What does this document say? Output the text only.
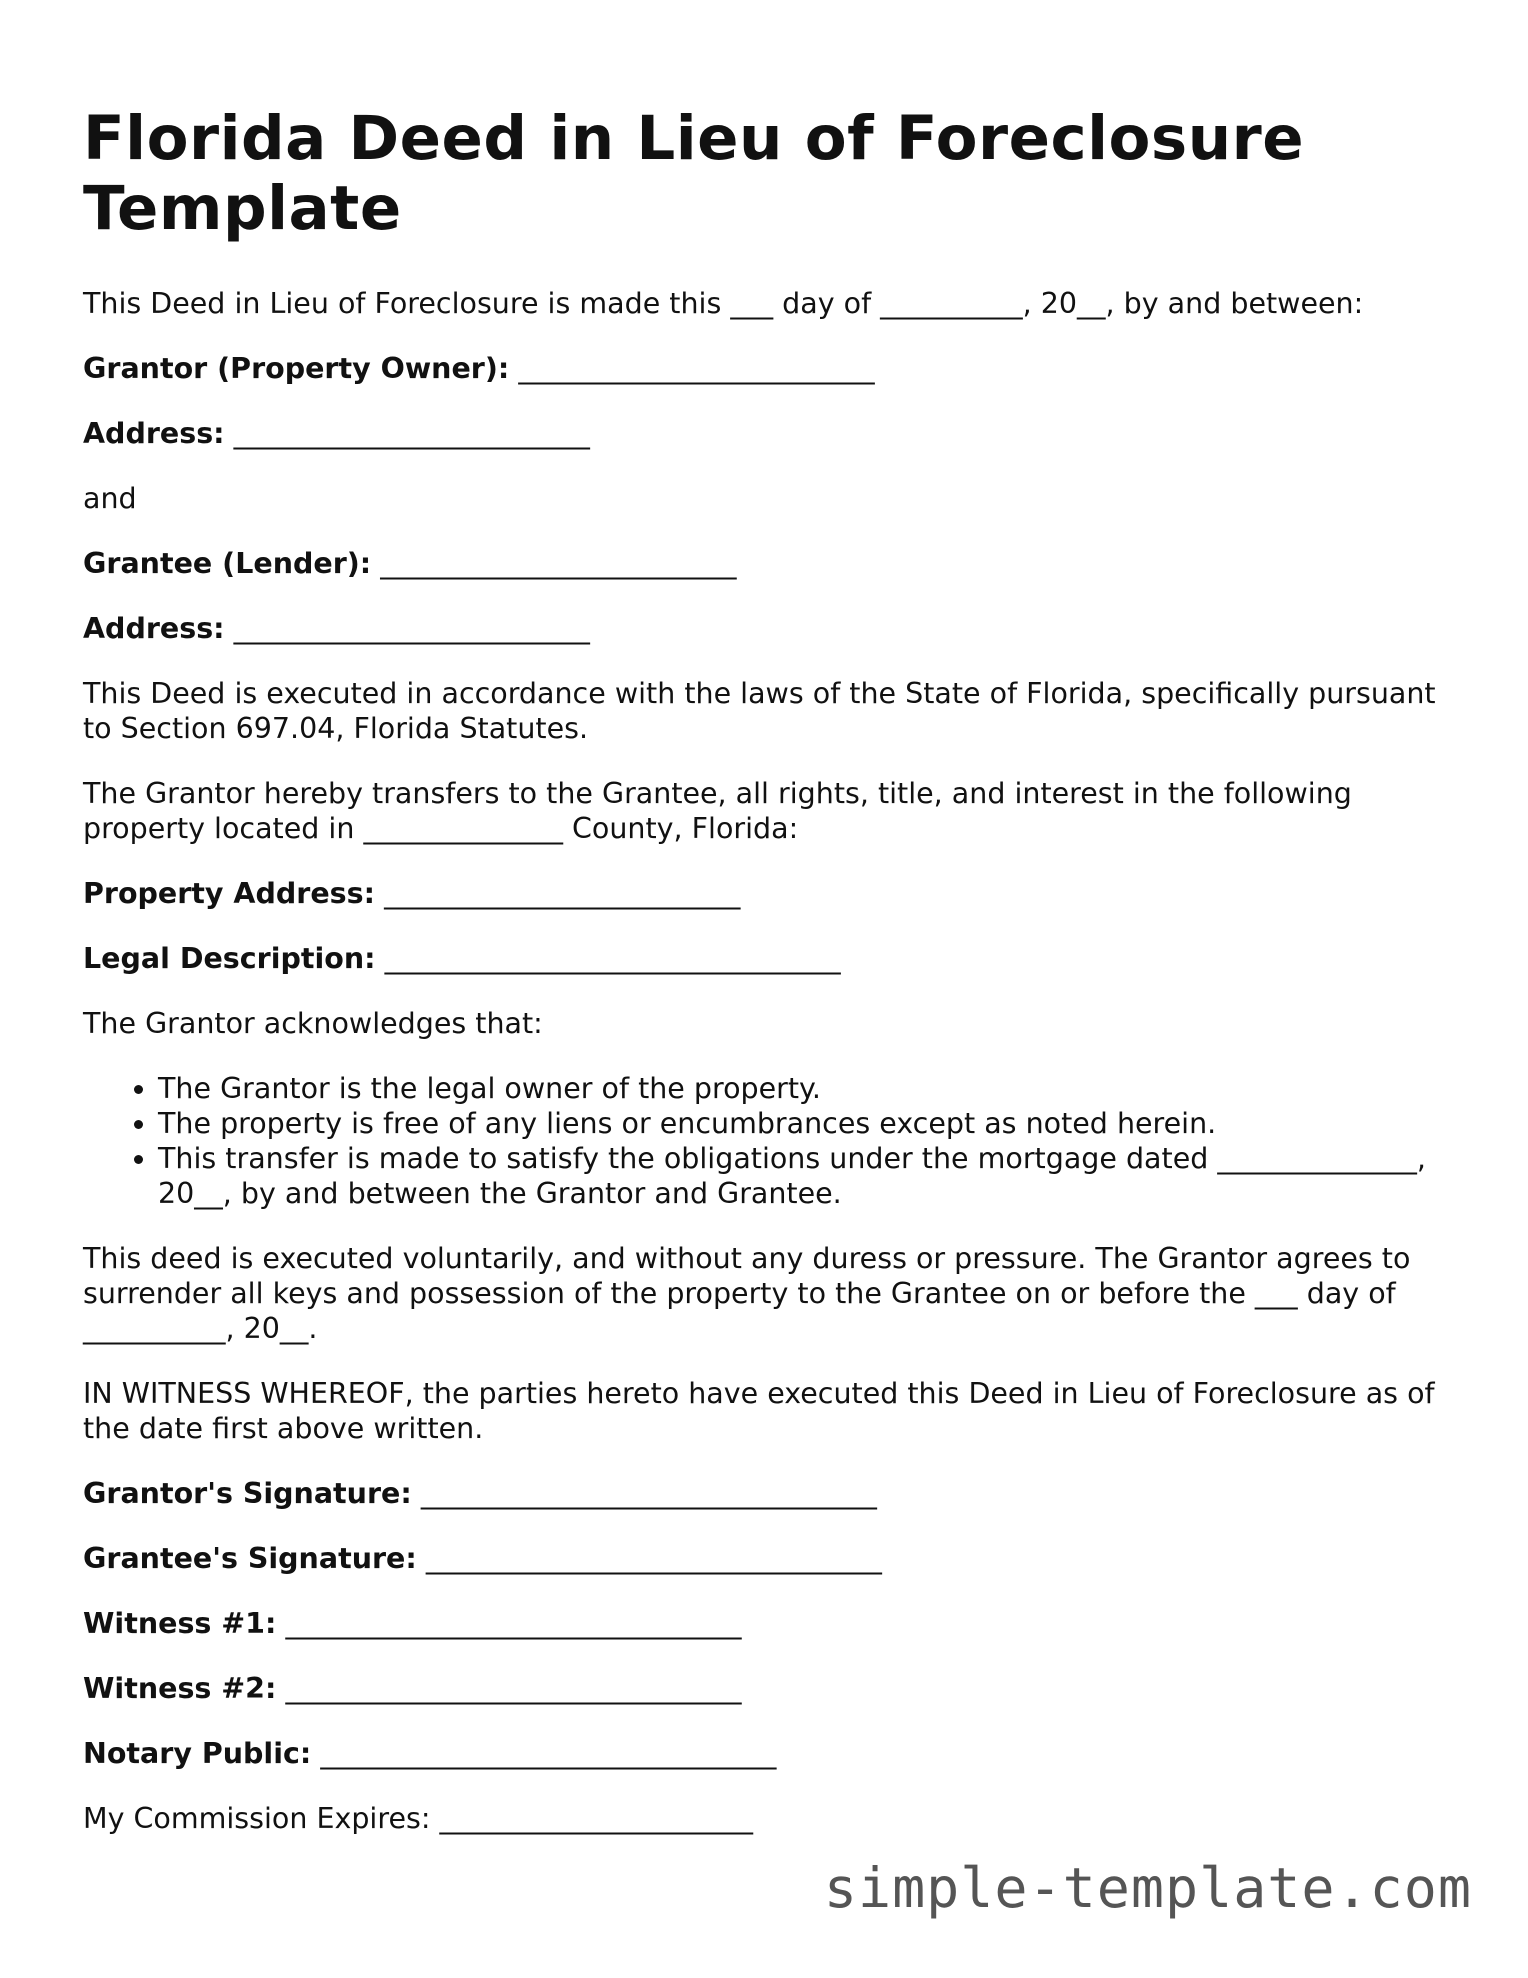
Florida Deed in Lieu of Foreclosure Template

This Deed in Lieu of Foreclosure is made this ___ day of __________, 20__, by and between:

Grantor (Property Owner): _________________________

Address: _________________________

and

Grantee (Lender): _________________________

Address: _________________________

This Deed is executed in accordance with the laws of the State of Florida, specifically pursuant to Section 697.04, Florida Statutes.

The Grantor hereby transfers to the Grantee, all rights, title, and interest in the following property located in ______________ County, Florida:

Property Address: _________________________

Legal Description: ________________________________

The Grantor acknowledges that:

• The Grantor is the legal owner of the property.
• The property is free of any liens or encumbrances except as noted herein.
• This transfer is made to satisfy the obligations under the mortgage dated ______________, 20__, by and between the Grantor and Grantee.

This deed is executed voluntarily, and without any duress or pressure. The Grantor agrees to surrender all keys and possession of the property to the Grantee on or before the ___ day of __________, 20__.

IN WITNESS WHEREOF, the parties hereto have executed this Deed in Lieu of Foreclosure as of the date first above written.

Grantor's Signature: ________________________________

Grantee's Signature: ________________________________

Witness #1: ________________________________

Witness #2: ________________________________

Notary Public: ________________________________

My Commission Expires: ______________________

simple-template.com
